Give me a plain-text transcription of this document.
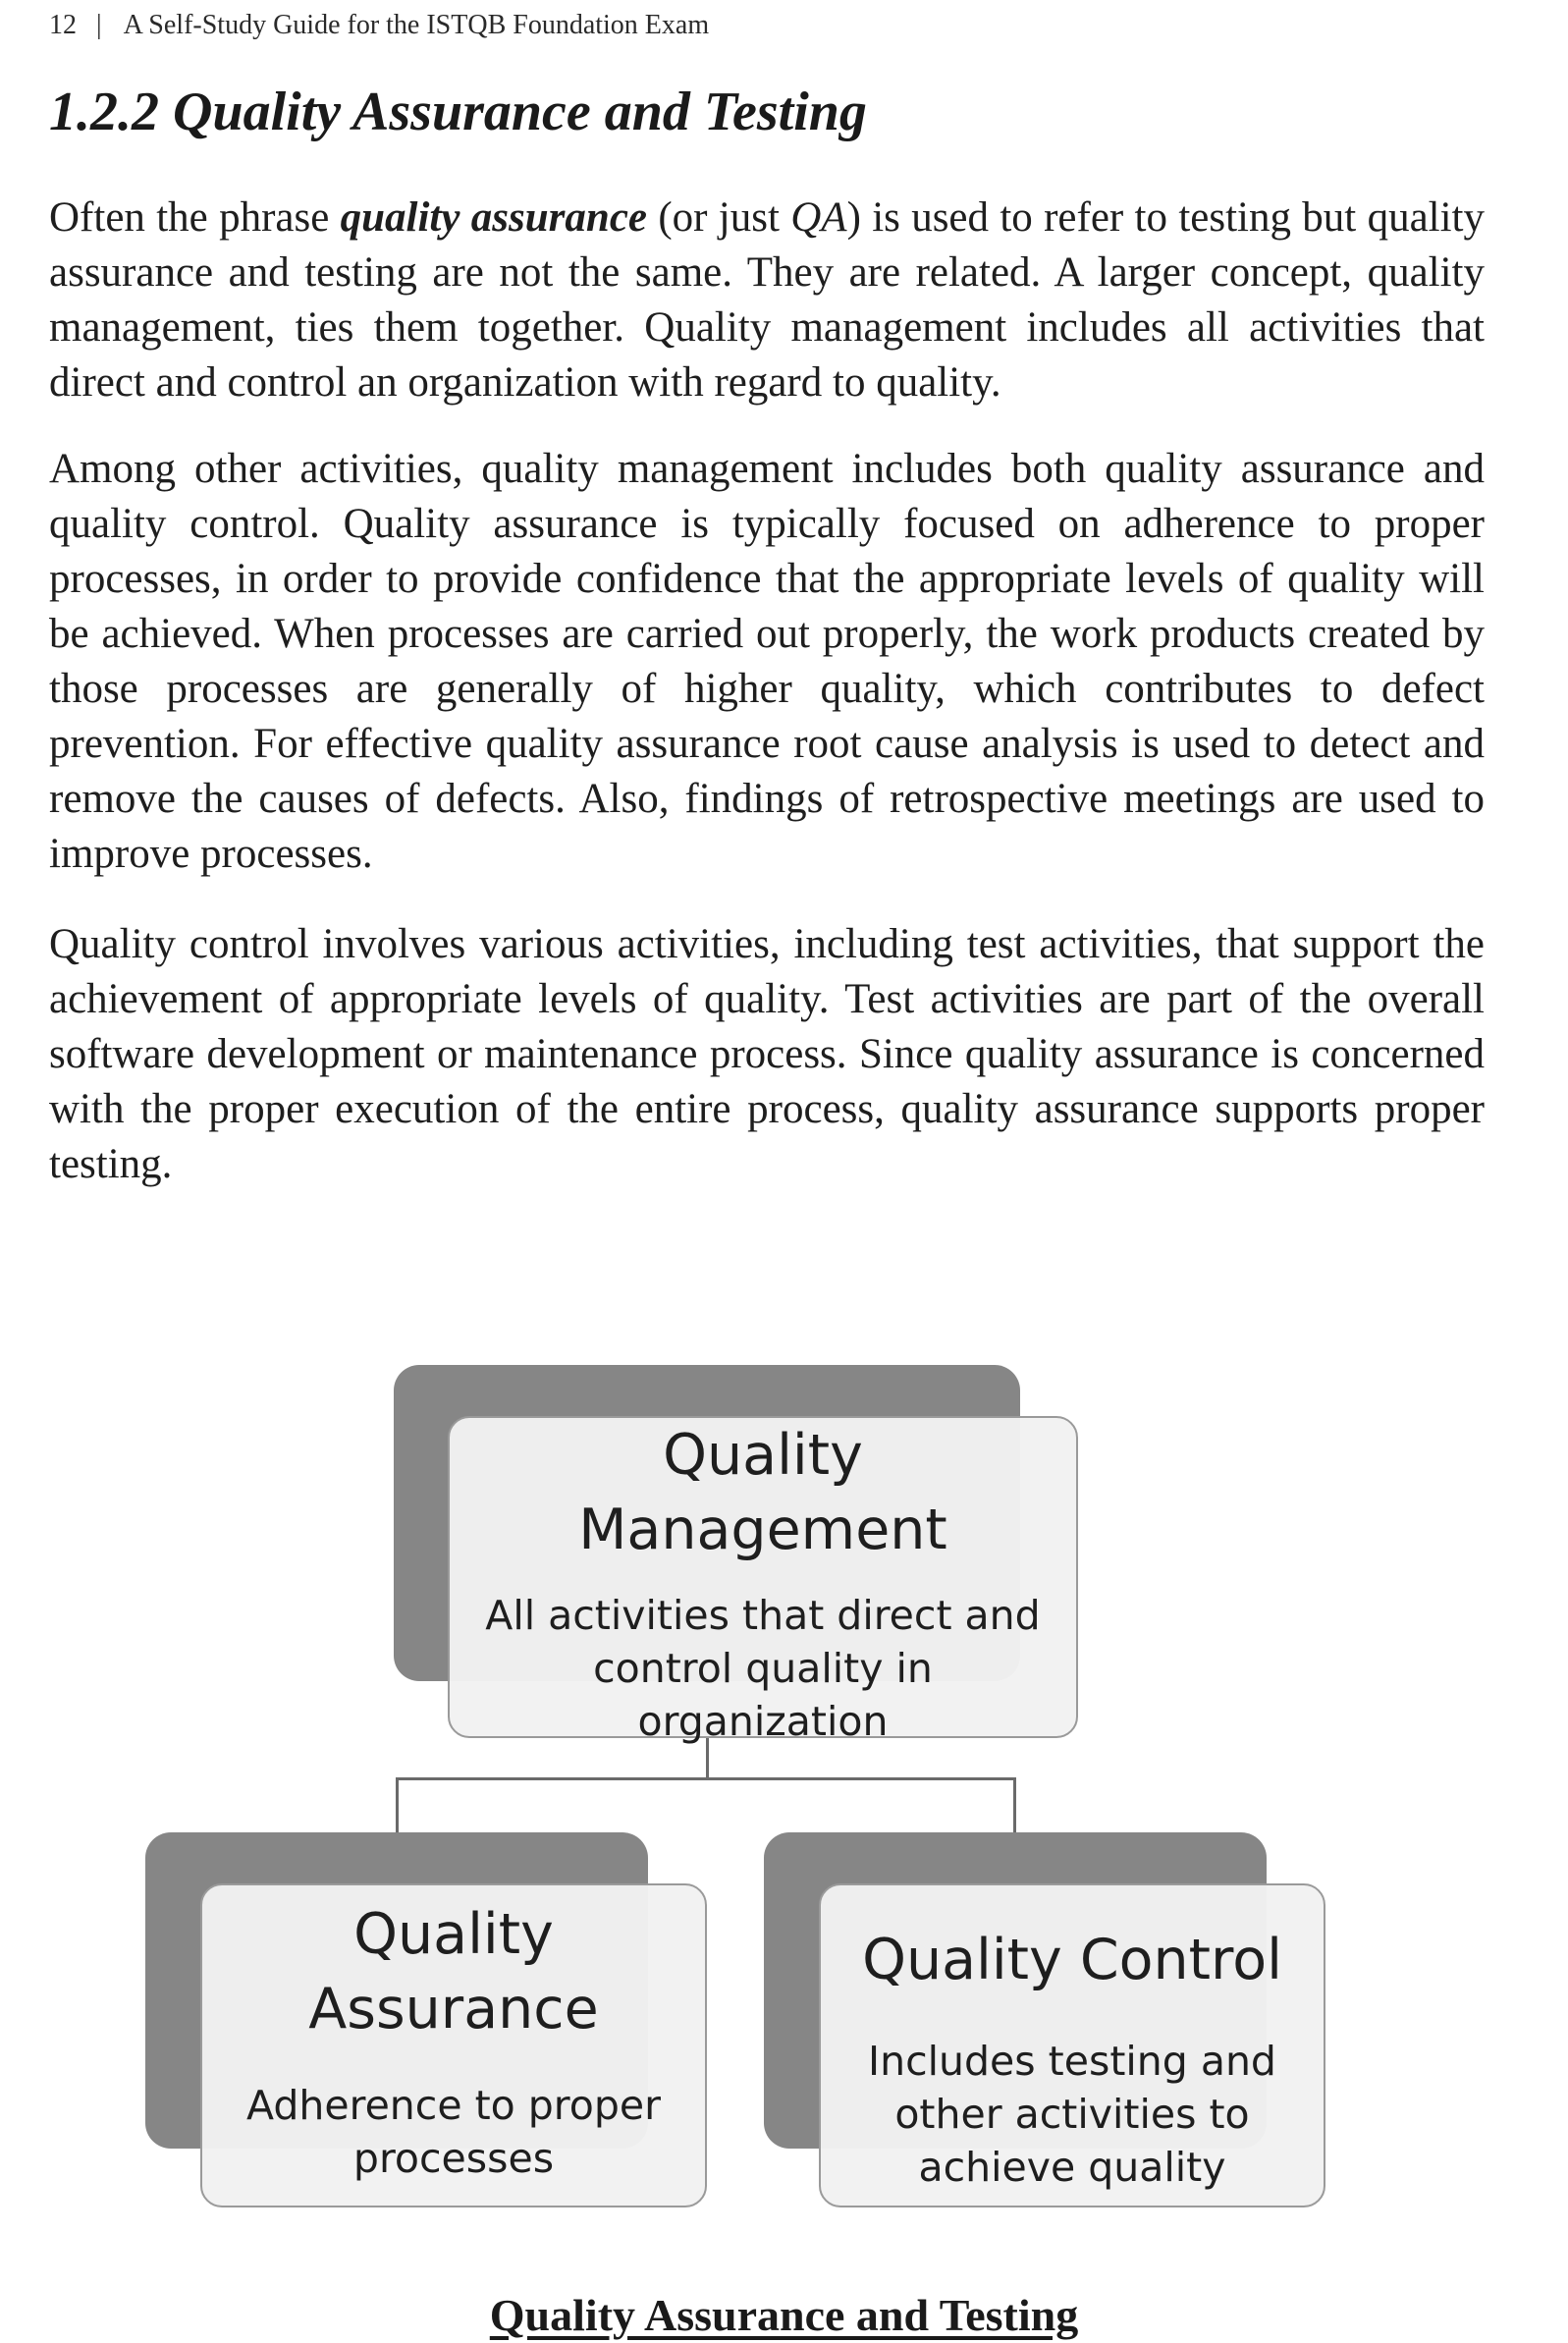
12 | A Self-Study Guide for the ISTQB Foundation Exam
1.2.2 Quality Assurance and Testing

Often the phrase quality assurance (or just QA) is used to refer to testing but quality assurance and testing are not the same. They are related. A larger concept, quality management, ties them together. Quality management includes all activities that direct and control an organization with regard to quality.

Among other activities, quality management includes both quality assurance and quality control. Quality assurance is typically focused on adherence to proper processes, in order to provide confidence that the appropriate levels of quality will be achieved. When processes are carried out properly, the work products created by those processes are generally of higher quality, which contributes to defect prevention. For effective quality assurance root cause analysis is used to detect and remove the causes of defects. Also, findings of retrospective meetings are used to improve processes.

Quality control involves various activities, including test activities, that support the achievement of appropriate levels of quality. Test activities are part of the overall software development or maintenance process. Since quality assurance is concerned with the proper execution of the entire process, quality assurance supports proper testing.

Quality
Management
All activities that direct and
control quality in
organization
Quality
Assurance
Adherence to proper
processes
Quality Control
Includes testing and
other activities to
achieve quality
Quality Assurance and Testing
